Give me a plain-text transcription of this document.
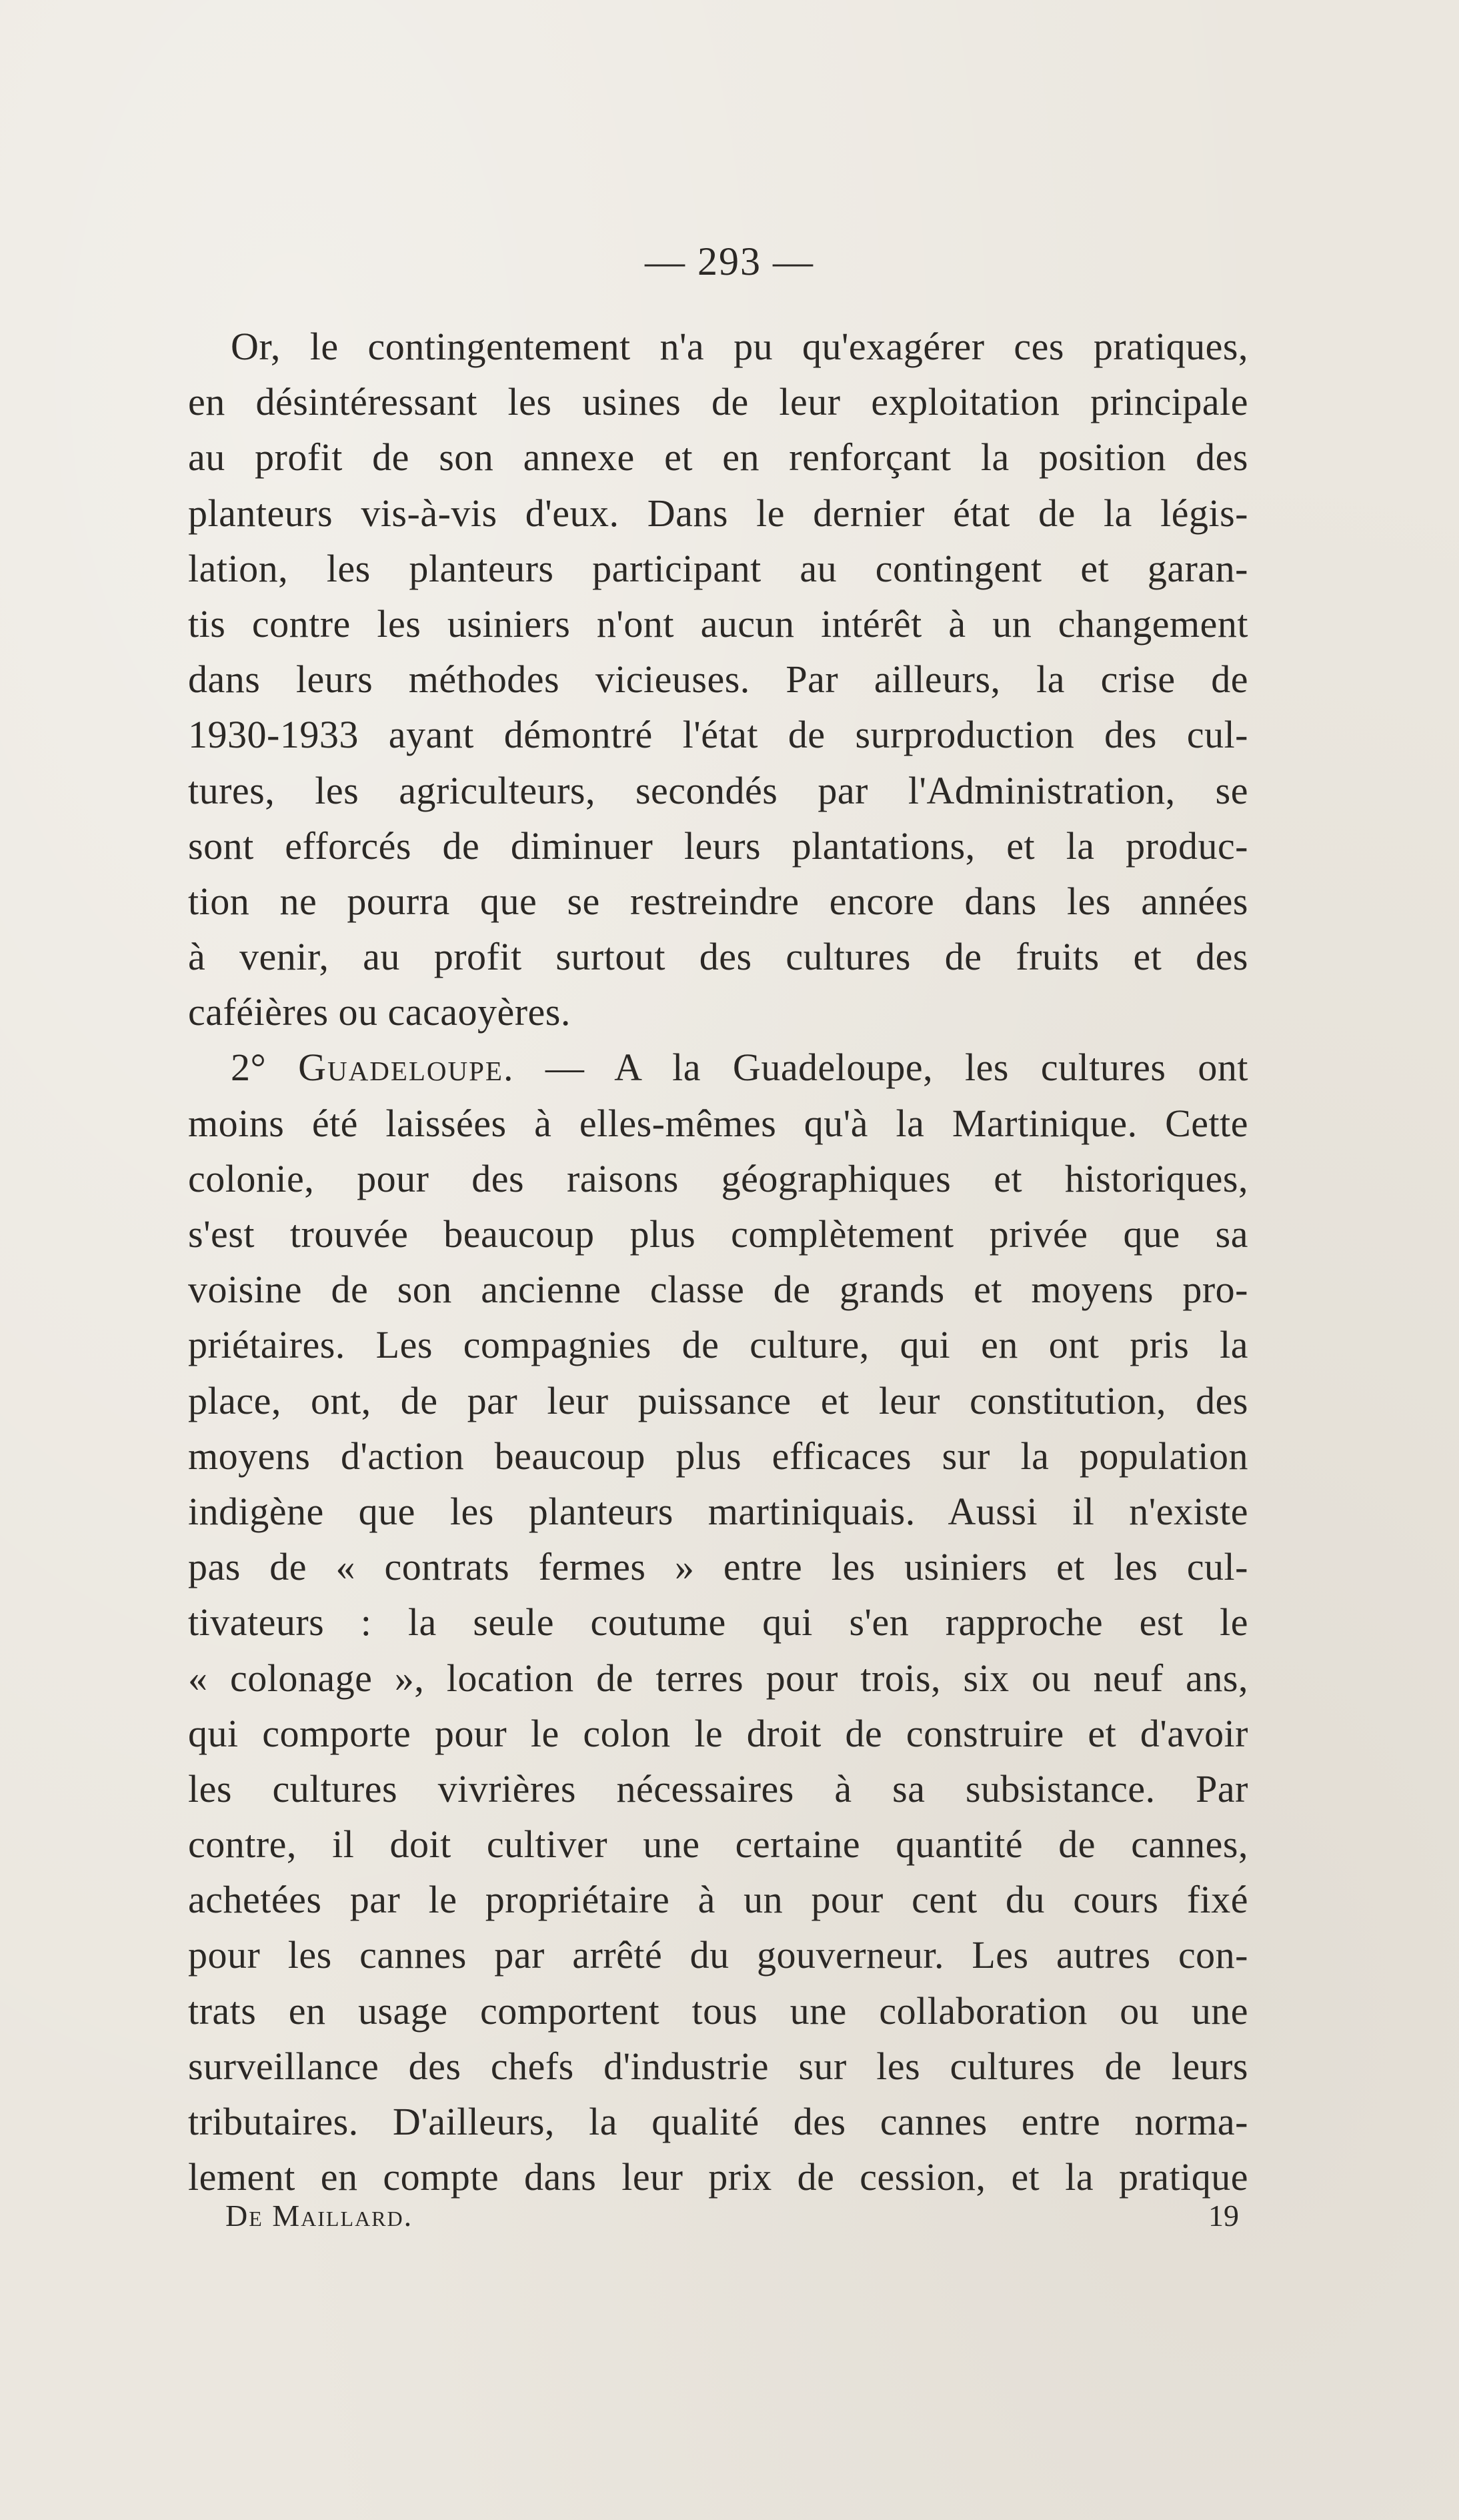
— 293 —
Or, le contingentement n'a pu qu'exagérer ces pratiques,
en désintéressant les usines de leur exploitation principale
au profit de son annexe et en renforçant la position des
planteurs vis-à-vis d'eux. Dans le dernier état de la légis-
lation, les planteurs participant au contingent et garan-
tis contre les usiniers n'ont aucun intérêt à un changement
dans leurs méthodes vicieuses. Par ailleurs, la crise de
1930-1933 ayant démontré l'état de surproduction des cul-
tures, les agriculteurs, secondés par l'Administration, se
sont efforcés de diminuer leurs plantations, et la produc-
tion ne pourra que se restreindre encore dans les années
à venir, au profit surtout des cultures de fruits et des
caféières ou cacaoyères.
2° Guadeloupe. — A la Guadeloupe, les cultures ont
moins été laissées à elles-mêmes qu'à la Martinique. Cette
colonie, pour des raisons géographiques et historiques,
s'est trouvée beaucoup plus complètement privée que sa
voisine de son ancienne classe de grands et moyens pro-
priétaires. Les compagnies de culture, qui en ont pris la
place, ont, de par leur puissance et leur constitution, des
moyens d'action beaucoup plus efficaces sur la population
indigène que les planteurs martiniquais. Aussi il n'existe
pas de « contrats fermes » entre les usiniers et les cul-
tivateurs : la seule coutume qui s'en rapproche est le
« colonage », location de terres pour trois, six ou neuf ans,
qui comporte pour le colon le droit de construire et d'avoir
les cultures vivrières nécessaires à sa subsistance. Par
contre, il doit cultiver une certaine quantité de cannes,
achetées par le propriétaire à un pour cent du cours fixé
pour les cannes par arrêté du gouverneur. Les autres con-
trats en usage comportent tous une collaboration ou une
surveillance des chefs d'industrie sur les cultures de leurs
tributaires. D'ailleurs, la qualité des cannes entre norma-
lement en compte dans leur prix de cession, et la pratique
De Maillard.	19
